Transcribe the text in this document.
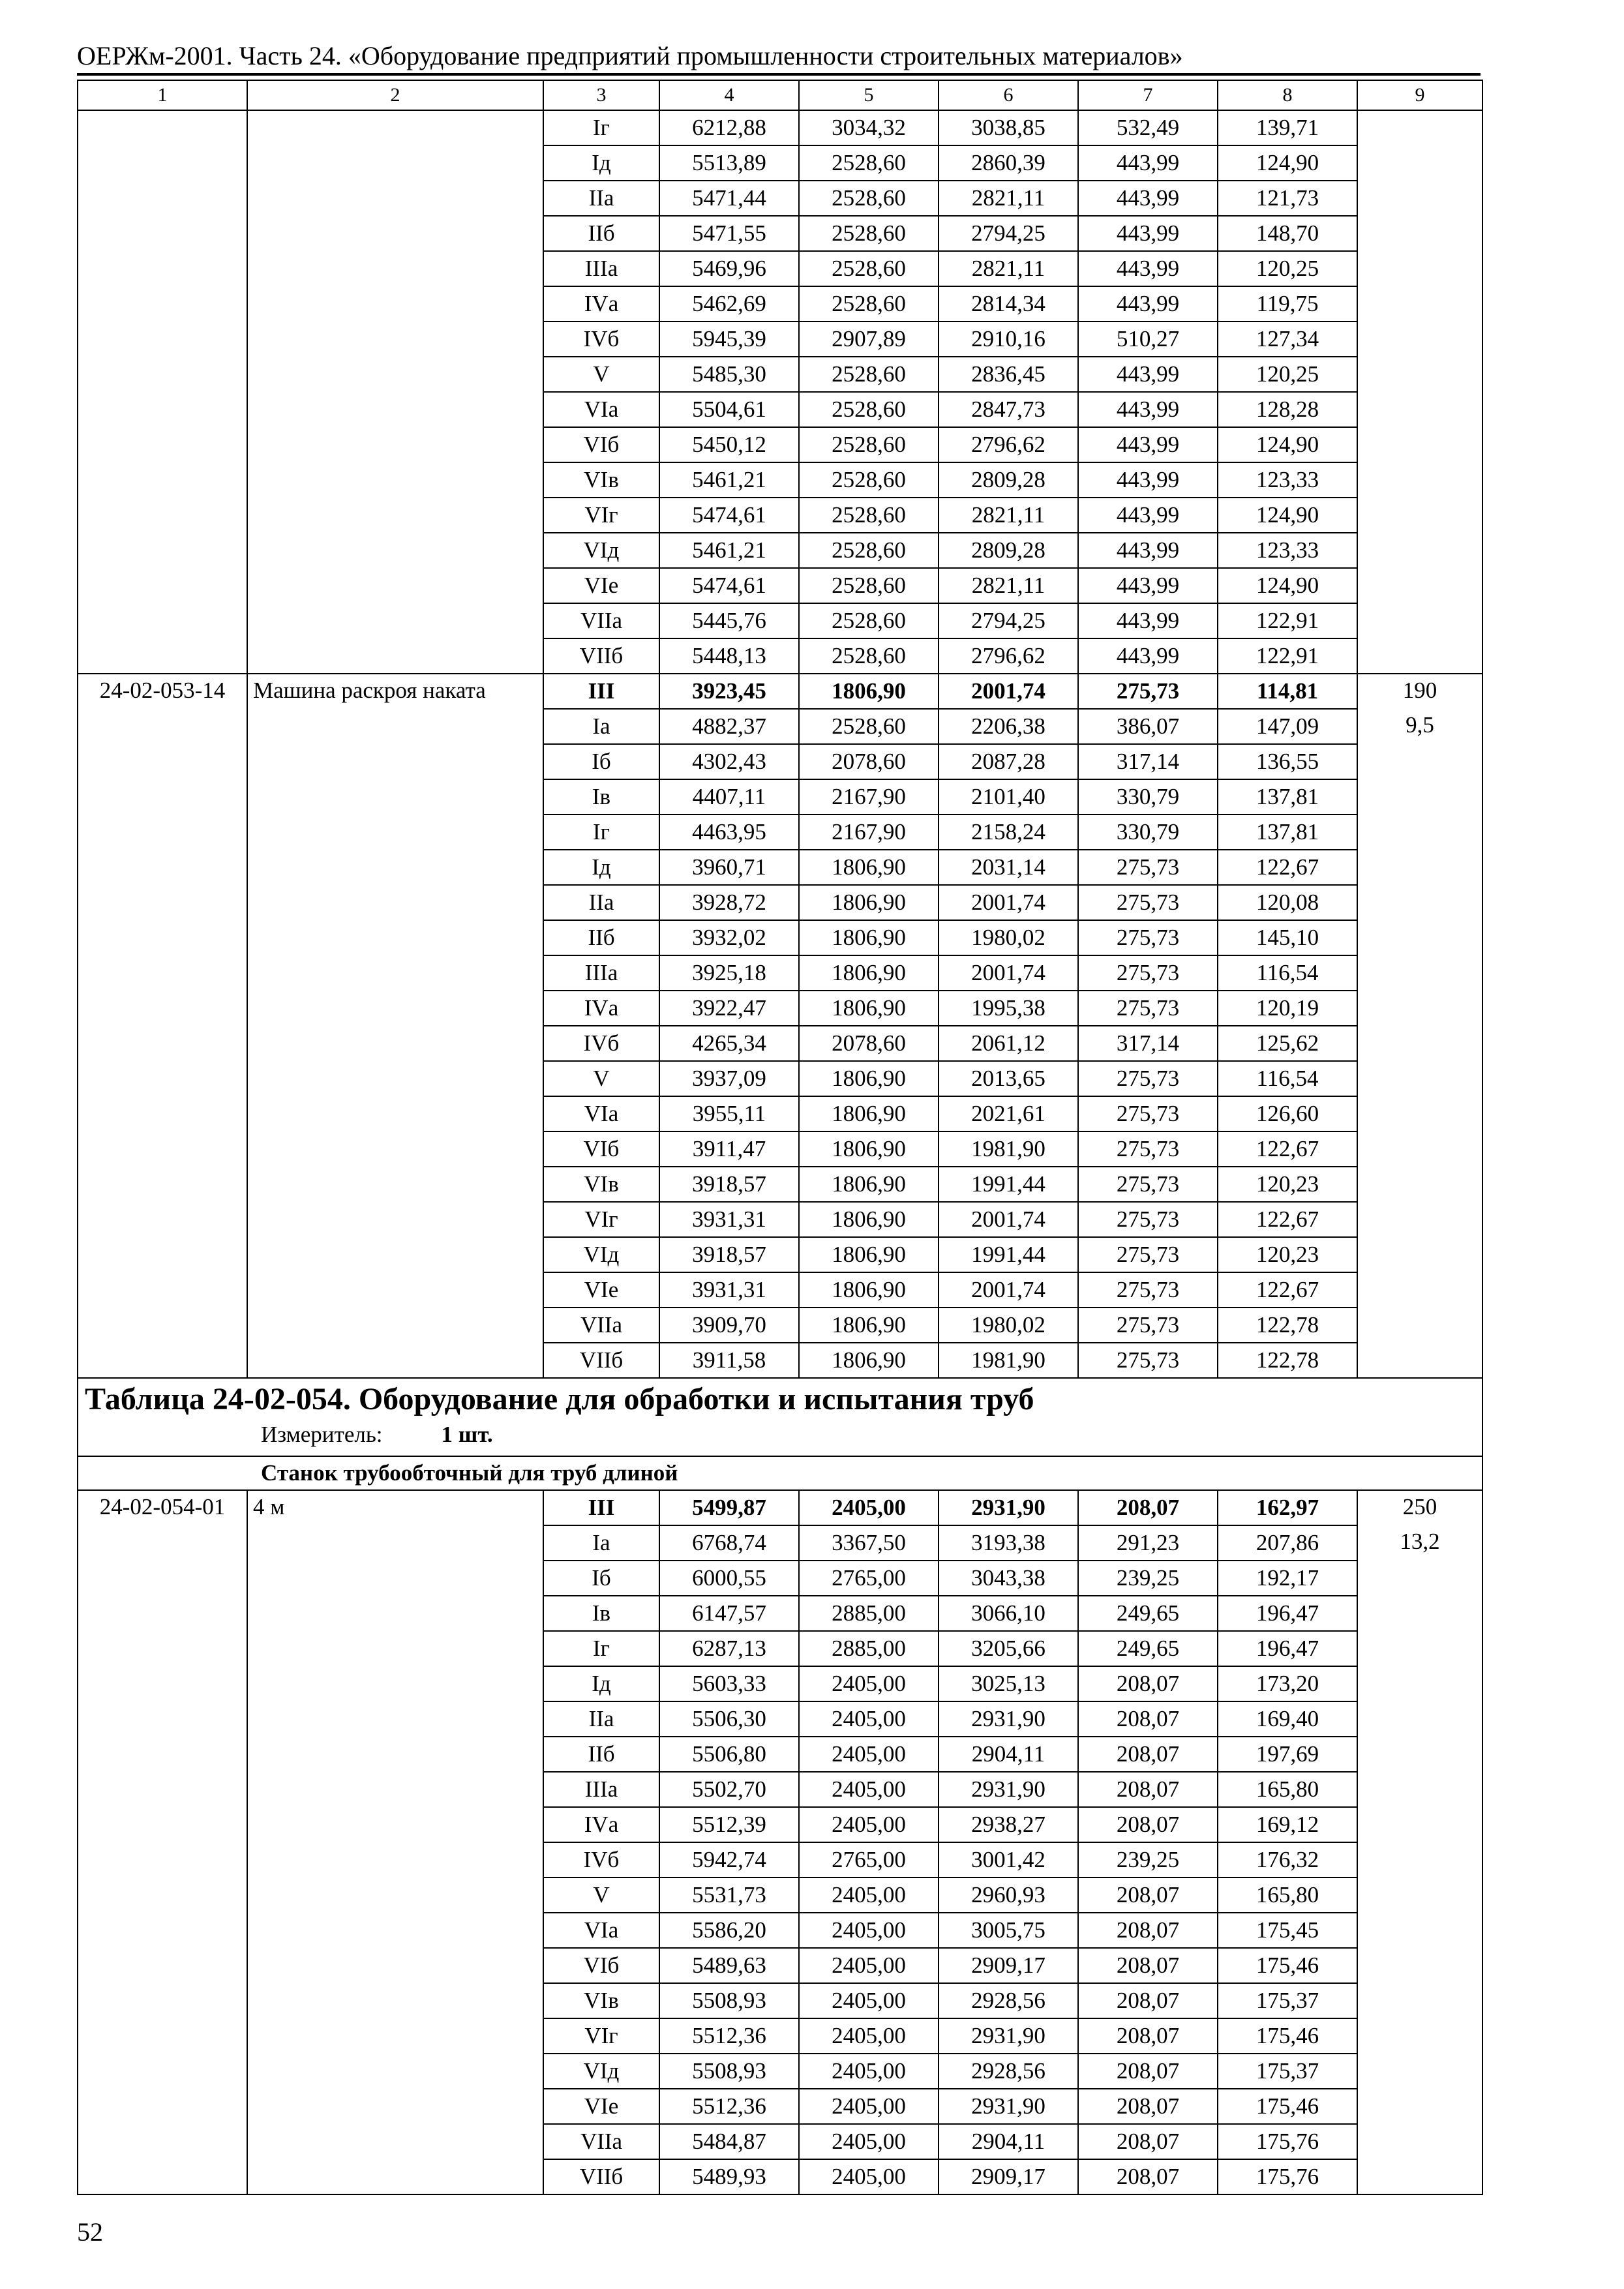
ОЕРЖм-2001. Часть 24. «Оборудование предприятий промышленности строительных материалов»
1	2	3	4	5	6	7	8	9
		Iг	6212,88	3034,32	3038,85	532,49	139,71	
		Iд	5513,89	2528,60	2860,39	443,99	124,90	
		IIа	5471,44	2528,60	2821,11	443,99	121,73	
		IIб	5471,55	2528,60	2794,25	443,99	148,70	
		IIIа	5469,96	2528,60	2821,11	443,99	120,25	
		IVа	5462,69	2528,60	2814,34	443,99	119,75	
		IVб	5945,39	2907,89	2910,16	510,27	127,34	
		V	5485,30	2528,60	2836,45	443,99	120,25	
		VIа	5504,61	2528,60	2847,73	443,99	128,28	
		VIб	5450,12	2528,60	2796,62	443,99	124,90	
		VIв	5461,21	2528,60	2809,28	443,99	123,33	
		VIг	5474,61	2528,60	2821,11	443,99	124,90	
		VIд	5461,21	2528,60	2809,28	443,99	123,33	
		VIе	5474,61	2528,60	2821,11	443,99	124,90	
		VIIа	5445,76	2528,60	2794,25	443,99	122,91	
		VIIб	5448,13	2528,60	2796,62	443,99	122,91	
24-02-053-14	Машина раскроя наката	III	3923,45	1806,90	2001,74	275,73	114,81	190
		Iа	4882,37	2528,60	2206,38	386,07	147,09	9,5
		Iб	4302,43	2078,60	2087,28	317,14	136,55	
		Iв	4407,11	2167,90	2101,40	330,79	137,81	
		Iг	4463,95	2167,90	2158,24	330,79	137,81	
		Iд	3960,71	1806,90	2031,14	275,73	122,67	
		IIа	3928,72	1806,90	2001,74	275,73	120,08	
		IIб	3932,02	1806,90	1980,02	275,73	145,10	
		IIIа	3925,18	1806,90	2001,74	275,73	116,54	
		IVа	3922,47	1806,90	1995,38	275,73	120,19	
		IVб	4265,34	2078,60	2061,12	317,14	125,62	
		V	3937,09	1806,90	2013,65	275,73	116,54	
		VIа	3955,11	1806,90	2021,61	275,73	126,60	
		VIб	3911,47	1806,90	1981,90	275,73	122,67	
		VIв	3918,57	1806,90	1991,44	275,73	120,23	
		VIг	3931,31	1806,90	2001,74	275,73	122,67	
		VIд	3918,57	1806,90	1991,44	275,73	120,23	
		VIе	3931,31	1806,90	2001,74	275,73	122,67	
		VIIа	3909,70	1806,90	1980,02	275,73	122,78	
		VIIб	3911,58	1806,90	1981,90	275,73	122,78	

Таблица 24-02-054. Оборудование для обработки и испытания труб
Измеритель: 1 шт.								

Станок трубообточный для труб длиной								
24-02-054-01	4 м	III	5499,87	2405,00	2931,90	208,07	162,97	250
		Iа	6768,74	3367,50	3193,38	291,23	207,86	13,2
		Iб	6000,55	2765,00	3043,38	239,25	192,17	
		Iв	6147,57	2885,00	3066,10	249,65	196,47	
		Iг	6287,13	2885,00	3205,66	249,65	196,47	
		Iд	5603,33	2405,00	3025,13	208,07	173,20	
		IIа	5506,30	2405,00	2931,90	208,07	169,40	
		IIб	5506,80	2405,00	2904,11	208,07	197,69	
		IIIа	5502,70	2405,00	2931,90	208,07	165,80	
		IVа	5512,39	2405,00	2938,27	208,07	169,12	
		IVб	5942,74	2765,00	3001,42	239,25	176,32	
		V	5531,73	2405,00	2960,93	208,07	165,80	
		VIа	5586,20	2405,00	3005,75	208,07	175,45	
		VIб	5489,63	2405,00	2909,17	208,07	175,46	
		VIв	5508,93	2405,00	2928,56	208,07	175,37	
		VIг	5512,36	2405,00	2931,90	208,07	175,46	
		VIд	5508,93	2405,00	2928,56	208,07	175,37	
		VIе	5512,36	2405,00	2931,90	208,07	175,46	
		VIIа	5484,87	2405,00	2904,11	208,07	175,76	
		VIIб	5489,93	2405,00	2909,17	208,07	175,76	
52
